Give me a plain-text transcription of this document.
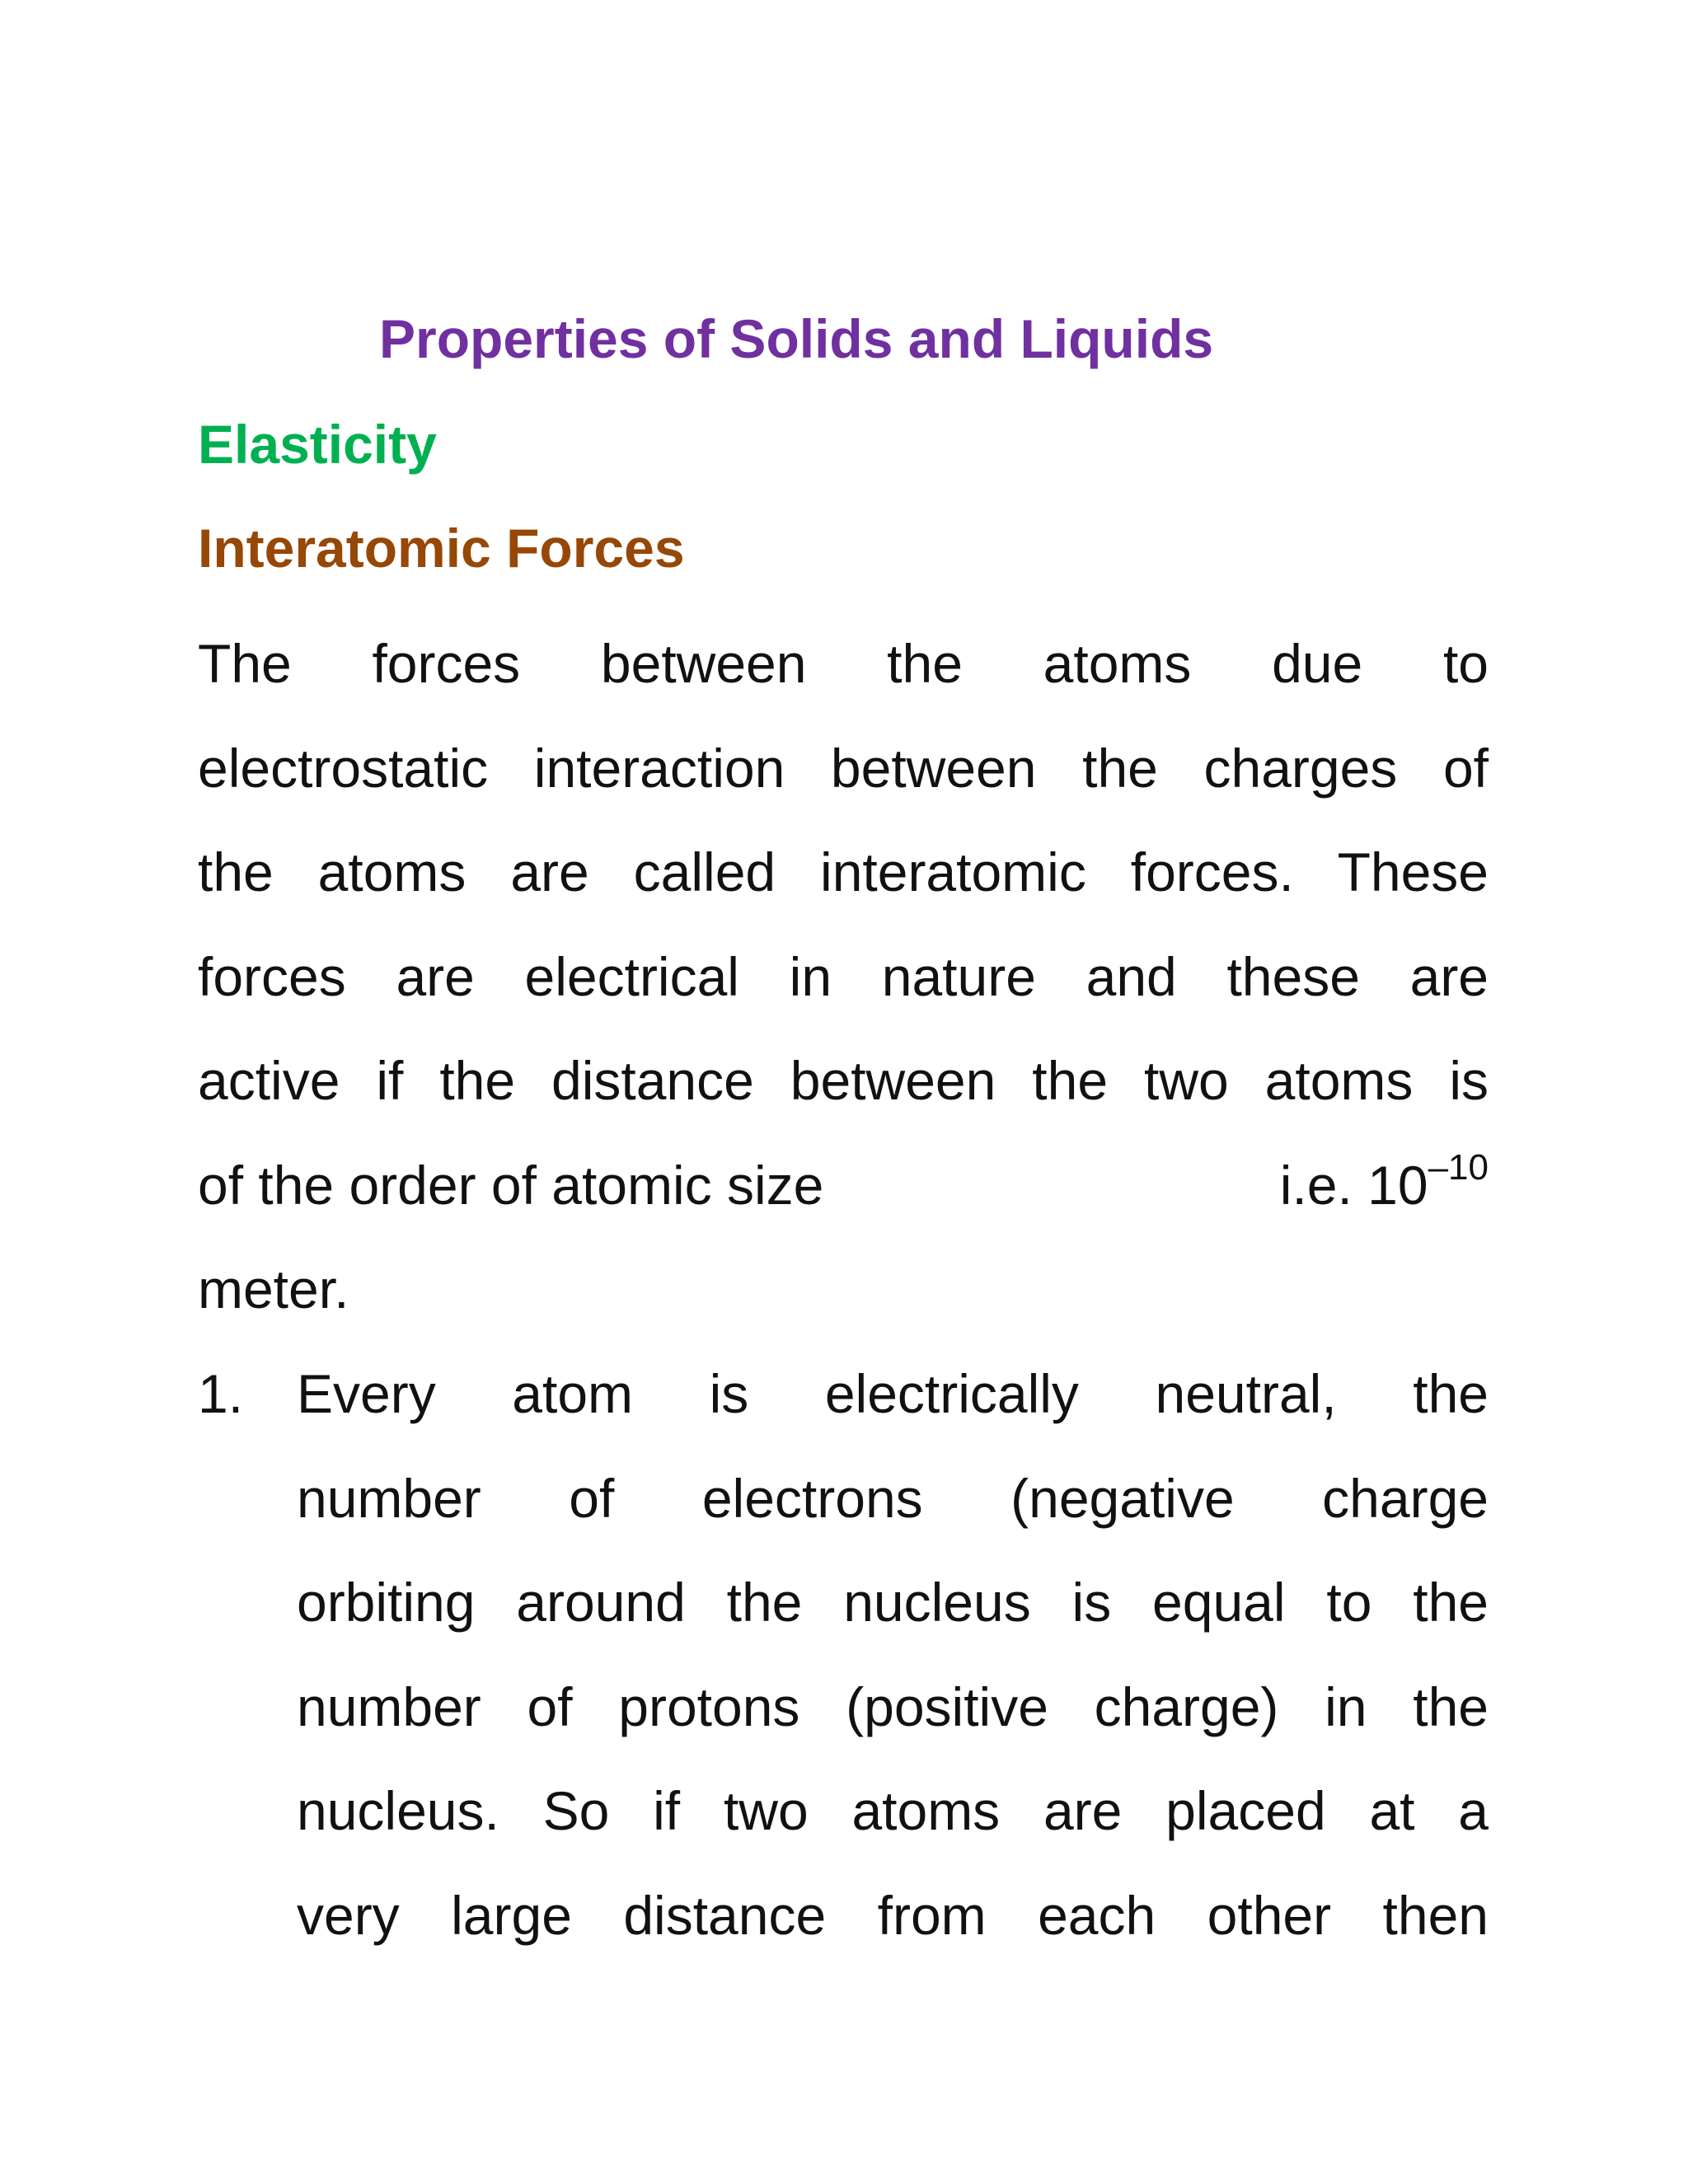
Properties of Solids and Liquids
Elasticity
Interatomic Forces
The forces between the atoms due to
electrostatic interaction between the charges of
the atoms are called interatomic forces. These
forces are electrical in nature and these are
active if the distance between the two atoms is
of the order of atomic size	i.e. $10^{-10}$
meter.
1. Every atom is electrically neutral, the
number of electrons (negative charge
orbiting around the nucleus is equal to the
number of protons (positive charge) in the
nucleus. So if two atoms are placed at a
very large distance from each other then
